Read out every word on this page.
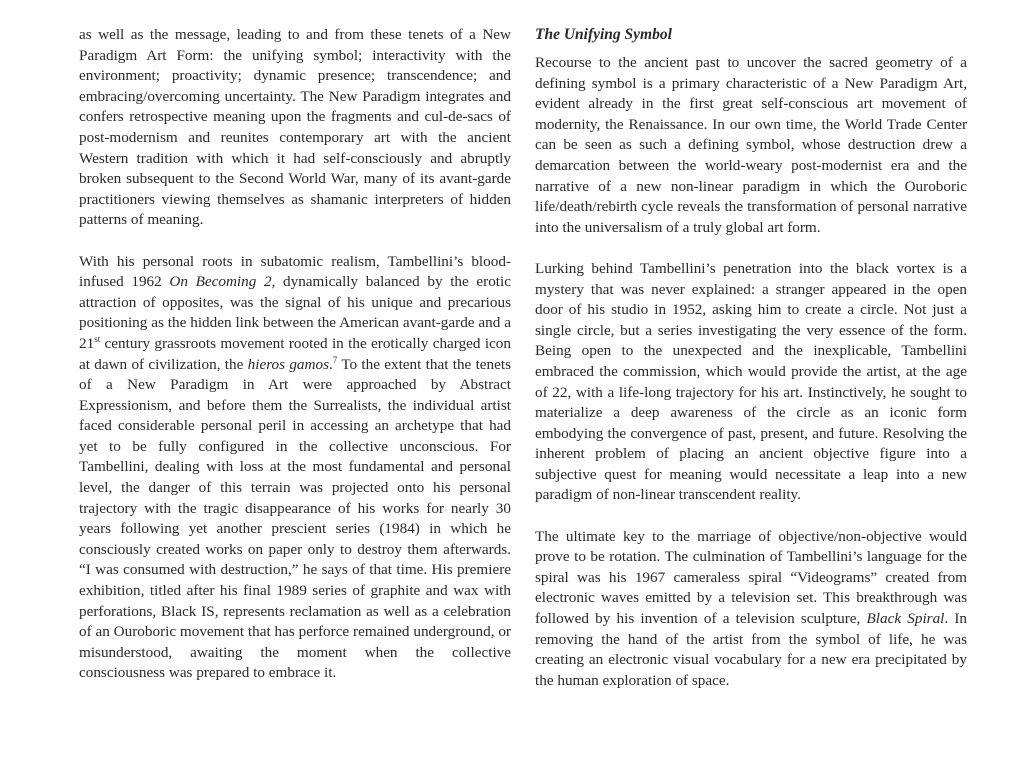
as well as the message, leading to and from these tenets of a New Paradigm Art Form: the unifying symbol; interactivity with the environment; proactivity; dynamic presence; transcendence; and embracing/overcoming uncertainty. The New Paradigm integrates and confers retrospective meaning upon the fragments and cul-de-sacs of post-modernism and reunites contemporary art with the ancient Western tradition with which it had self-consciously and abruptly broken subsequent to the Second World War, many of its avant-garde practitioners viewing themselves as shamanic interpreters of hidden patterns of meaning.

With his personal roots in subatomic realism, Tambellini’s blood-infused 1962 On Becoming 2, dynamically balanced by the erotic attraction of opposites, was the signal of his unique and precarious positioning as the hidden link between the American avant-garde and a 21st century grassroots movement rooted in the erotically charged icon at dawn of civilization, the hieros gamos.$^7$ To the extent that the tenets of a New Paradigm in Art were approached by Abstract Expressionism, and before them the Surrealists, the individual artist faced considerable personal peril in accessing an archetype that had yet to be fully configured in the collective unconscious. For Tambellini, dealing with loss at the most fundamental and personal level, the danger of this terrain was projected onto his personal trajectory with the tragic disappearance of his works for nearly 30 years following yet another prescient series (1984) in which he consciously created works on paper only to destroy them afterwards. “I was consumed with destruction,” he says of that time. His premiere exhibition, titled after his final 1989 series of graphite and wax with perforations, Black IS, represents reclamation as well as a celebration of an Ouroboric movement that has perforce remained underground, or misunderstood, awaiting the moment when the collective consciousness was prepared to embrace it.

The Unifying Symbol

Recourse to the ancient past to uncover the sacred geometry of a defining symbol is a primary characteristic of a New Paradigm Art, evident already in the first great self-conscious art movement of modernity, the Renaissance. In our own time, the World Trade Center can be seen as such a defining symbol, whose destruction drew a demarcation between the world-weary post-modernist era and the narrative of a new non-linear paradigm in which the Ouroboric life/death/rebirth cycle reveals the transformation of personal narrative into the universalism of a truly global art form.

Lurking behind Tambellini’s penetration into the black vortex is a mystery that was never explained: a stranger appeared in the open door of his studio in 1952, asking him to create a circle. Not just a single circle, but a series investigating the very essence of the form. Being open to the unexpected and the inexplicable, Tambellini embraced the commission, which would provide the artist, at the age of 22, with a life-long trajectory for his art. Instinctively, he sought to materialize a deep awareness of the circle as an iconic form embodying the convergence of past, present, and future. Resolving the inherent problem of placing an ancient objective figure into a subjective quest for meaning would necessitate a leap into a new paradigm of non-linear transcendent reality.

The ultimate key to the marriage of objective/non-objective would prove to be rotation. The culmination of Tambellini’s language for the spiral was his 1967 cameraless spiral “Videograms” created from electronic waves emitted by a television set. This breakthrough was followed by his invention of a television sculpture, Black Spiral. In removing the hand of the artist from the symbol of life, he was creating an electronic visual vocabulary for a new era precipitated by the human exploration of space.
